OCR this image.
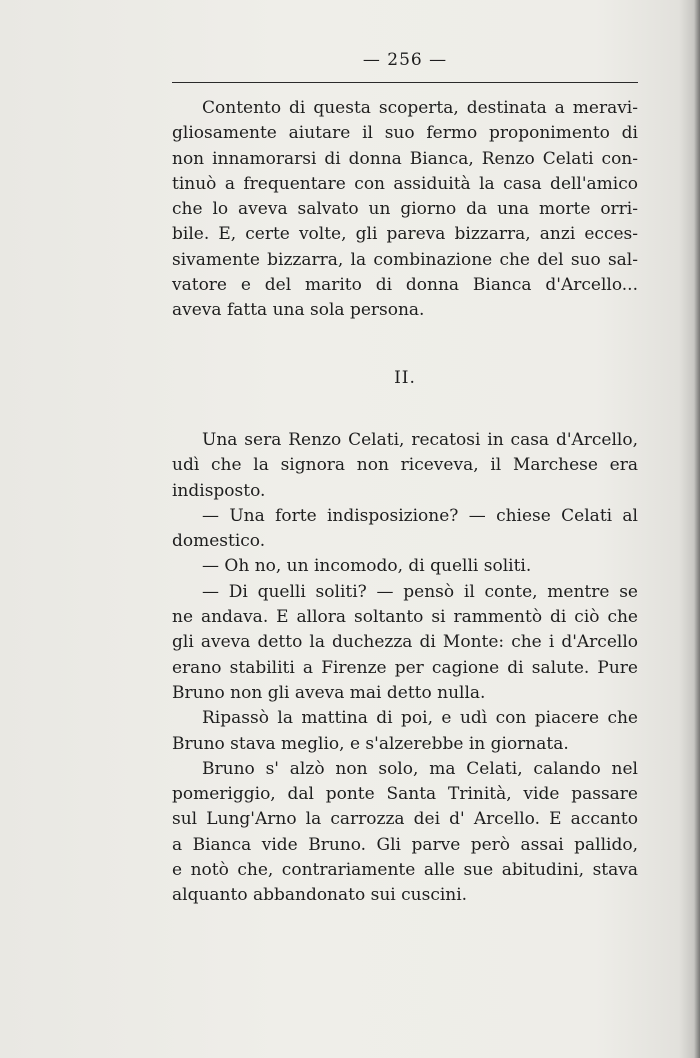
— 256 —
Contento di questa scoperta, destinata a meravi-
gliosamente aiutare il suo fermo proponimento di
non innamorarsi di donna Bianca, Renzo Celati con-
tinuò a frequentare con assiduità la casa dell'amico
che lo aveva salvato un giorno da una morte orri-
bile. E, certe volte, gli pareva bizzarra, anzi ecces-
sivamente bizzarra, la combinazione che del suo sal-
vatore e del marito di donna Bianca d'Arcello...
aveva fatta una sola persona.
II.
Una sera Renzo Celati, recatosi in casa d'Arcello,
udì che la signora non riceveva, il Marchese era
indisposto.
— Una forte indisposizione? — chiese Celati al
domestico.
— Oh no, un incomodo, di quelli soliti.
— Di quelli soliti? — pensò il conte, mentre se
ne andava. E allora soltanto si rammentò di ciò che
gli aveva detto la duchezza di Monte: che i d'Arcello
erano stabiliti a Firenze per cagione di salute. Pure
Bruno non gli aveva mai detto nulla.
Ripassò la mattina di poi, e udì con piacere che
Bruno stava meglio, e s'alzerebbe in giornata.
Bruno s' alzò non solo, ma Celati, calando nel
pomeriggio, dal ponte Santa Trinità, vide passare
sul Lung'Arno la carrozza dei d' Arcello. E accanto
a Bianca vide Bruno. Gli parve però assai pallido,
e notò che, contrariamente alle sue abitudini, stava
alquanto abbandonato sui cuscini.
